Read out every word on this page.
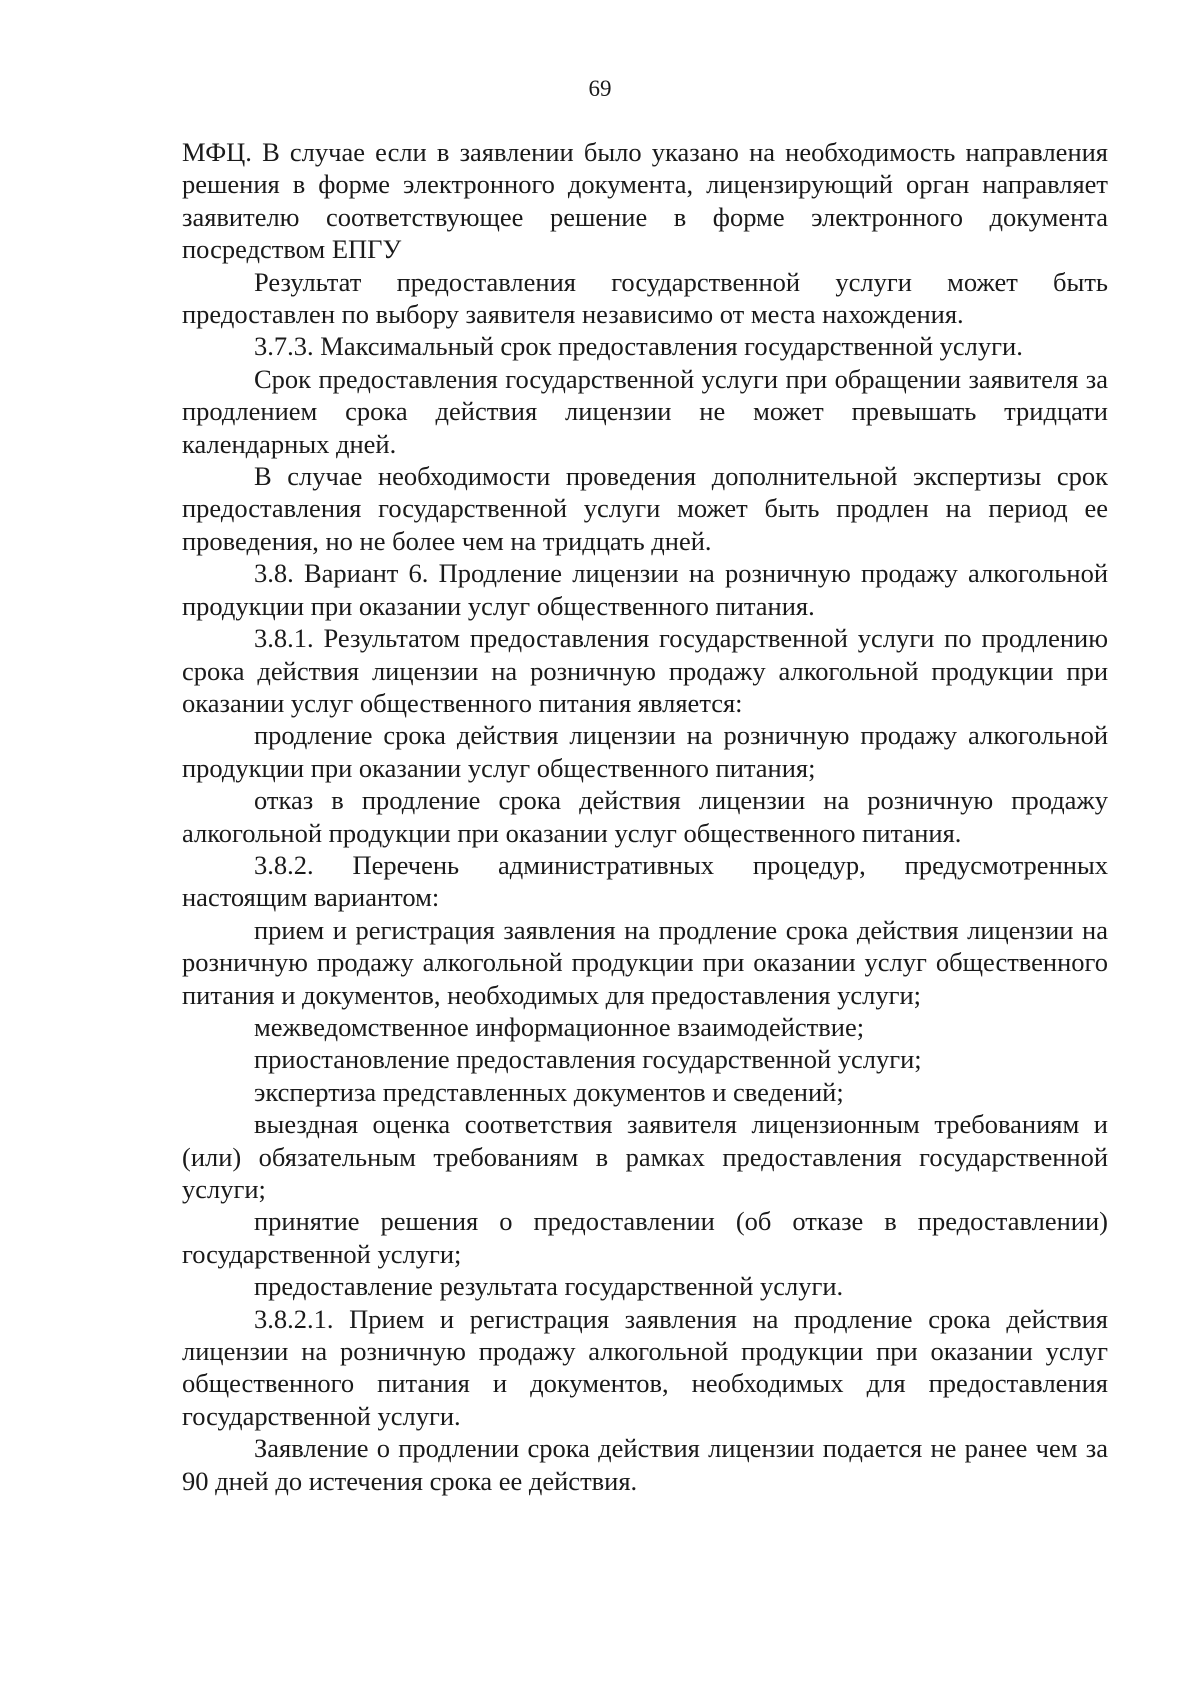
69

МФЦ. В случае если в заявлении было указано на необходимость направления решения в форме электронного документа, лицензирующий орган направляет заявителю соответствующее решение в форме электронного документа посредством ЕПГУ

Результат предоставления государственной услуги может быть предоставлен по выбору заявителя независимо от места нахождения.

3.7.3. Максимальный срок предоставления государственной услуги.

Срок предоставления государственной услуги при обращении заявителя за продлением срока действия лицензии не может превышать тридцати календарных дней.

В случае необходимости проведения дополнительной экспертизы срок предоставления государственной услуги может быть продлен на период ее проведения, но не более чем на тридцать дней.

3.8. Вариант 6. Продление лицензии на розничную продажу алкогольной продукции при оказании услуг общественного питания.

3.8.1. Результатом предоставления государственной услуги по продлению срока действия лицензии на розничную продажу алкогольной продукции при оказании услуг общественного питания является:

продление срока действия лицензии на розничную продажу алкогольной продукции при оказании услуг общественного питания;

отказ в продление срока действия лицензии на розничную продажу алкогольной продукции при оказании услуг общественного питания.

3.8.2. Перечень административных процедур, предусмотренных настоящим вариантом:

прием и регистрация заявления на продление срока действия лицензии на розничную продажу алкогольной продукции при оказании услуг общественного питания и документов, необходимых для предоставления услуги;

межведомственное информационное взаимодействие;

приостановление предоставления государственной услуги;

экспертиза представленных документов и сведений;

выездная оценка соответствия заявителя лицензионным требованиям и (или) обязательным требованиям в рамках предоставления государственной услуги;

принятие решения о предоставлении (об отказе в предоставлении) государственной услуги;

предоставление результата государственной услуги.

3.8.2.1. Прием и регистрация заявления на продление срока действия лицензии на розничную продажу алкогольной продукции при оказании услуг общественного питания и документов, необходимых для предоставления государственной услуги.

Заявление о продлении срока действия лицензии подается не ранее чем за 90 дней до истечения срока ее действия.
